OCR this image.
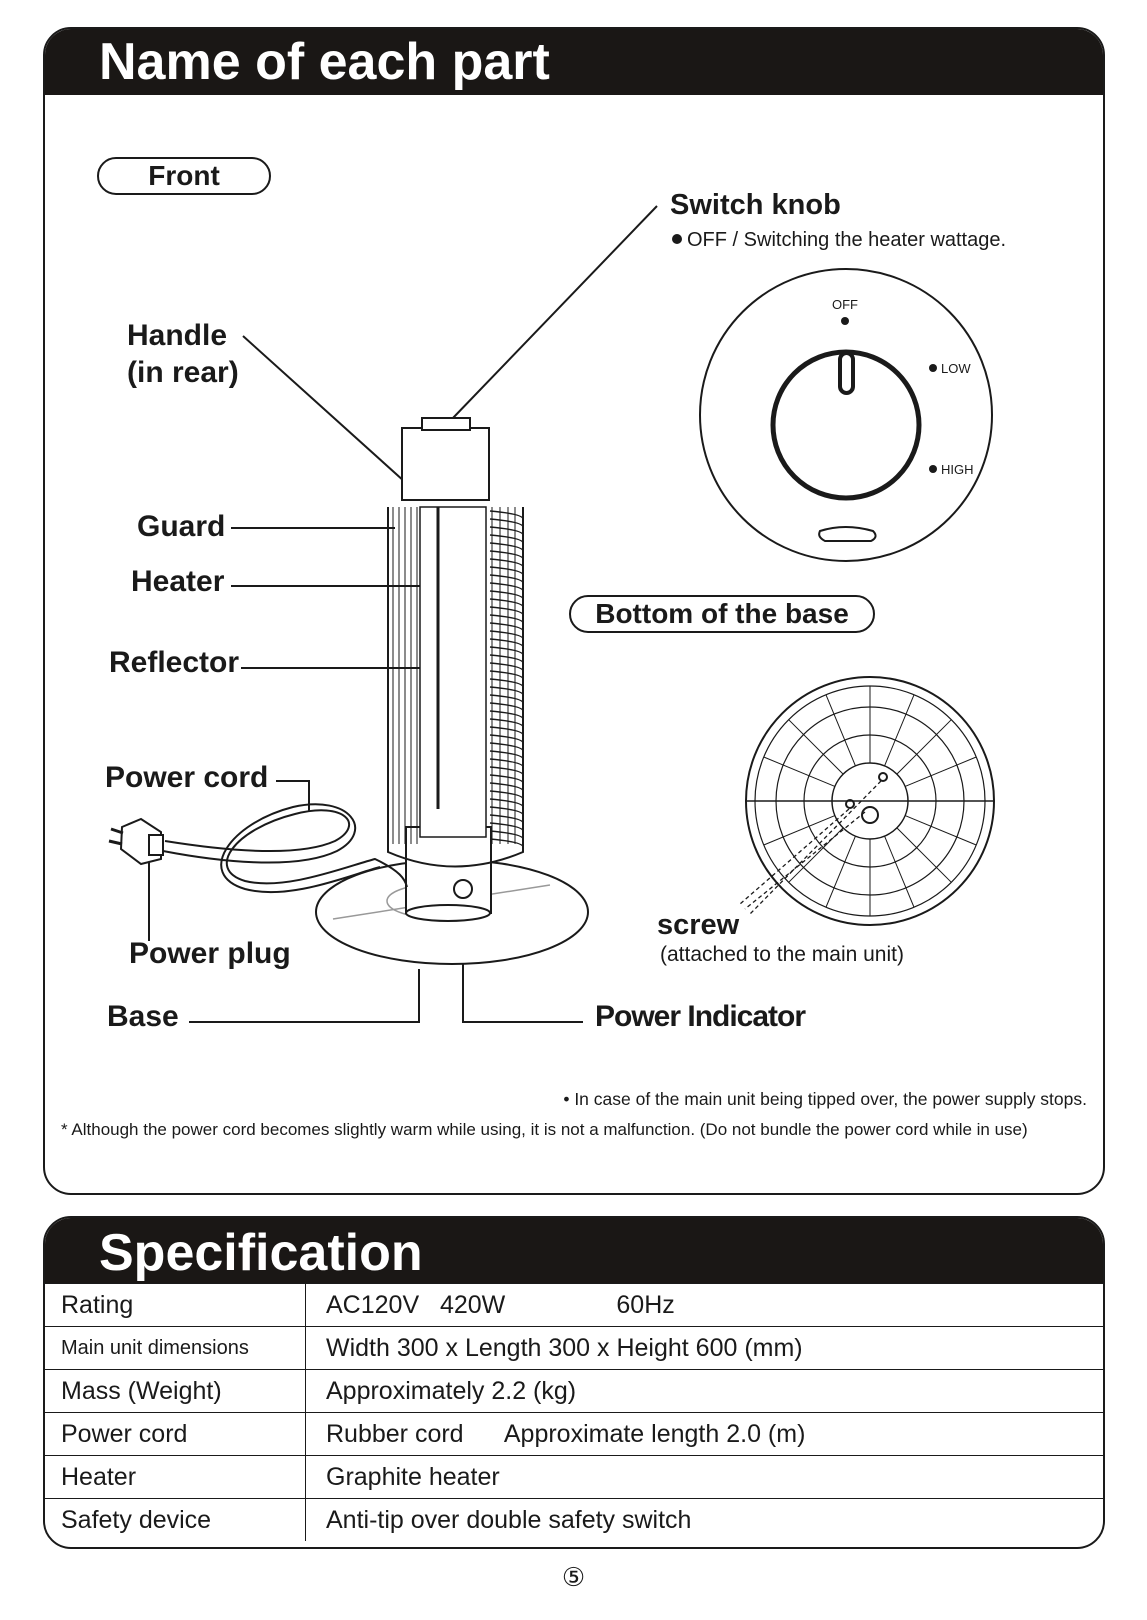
Name of each part
Front
Bottom of the base
Switch knob
OFF / Switching the heater wattage.
OFF
LOW
HIGH
Handle
(in rear)
Guard
Heater
Reflector
Power cord
Power plug
Base	Power Indicator
screw
(attached to the main unit)
• In case of the main unit being tipped over, the power supply stops.
* Although the power cord becomes slightly warm while using, it is not a malfunction. (Do not bundle the power cord while in use)
Specification
Rating	AC120V   420W                60Hz
Main unit dimensions	Width 300 x Length 300 x Height 600 (mm)
Mass (Weight)	Approximately 2.2 (kg)
Power cord	Rubber cord      Approximate length 2.0 (m)
Heater	Graphite heater
Safety device	Anti-tip over double safety switch
⑤
